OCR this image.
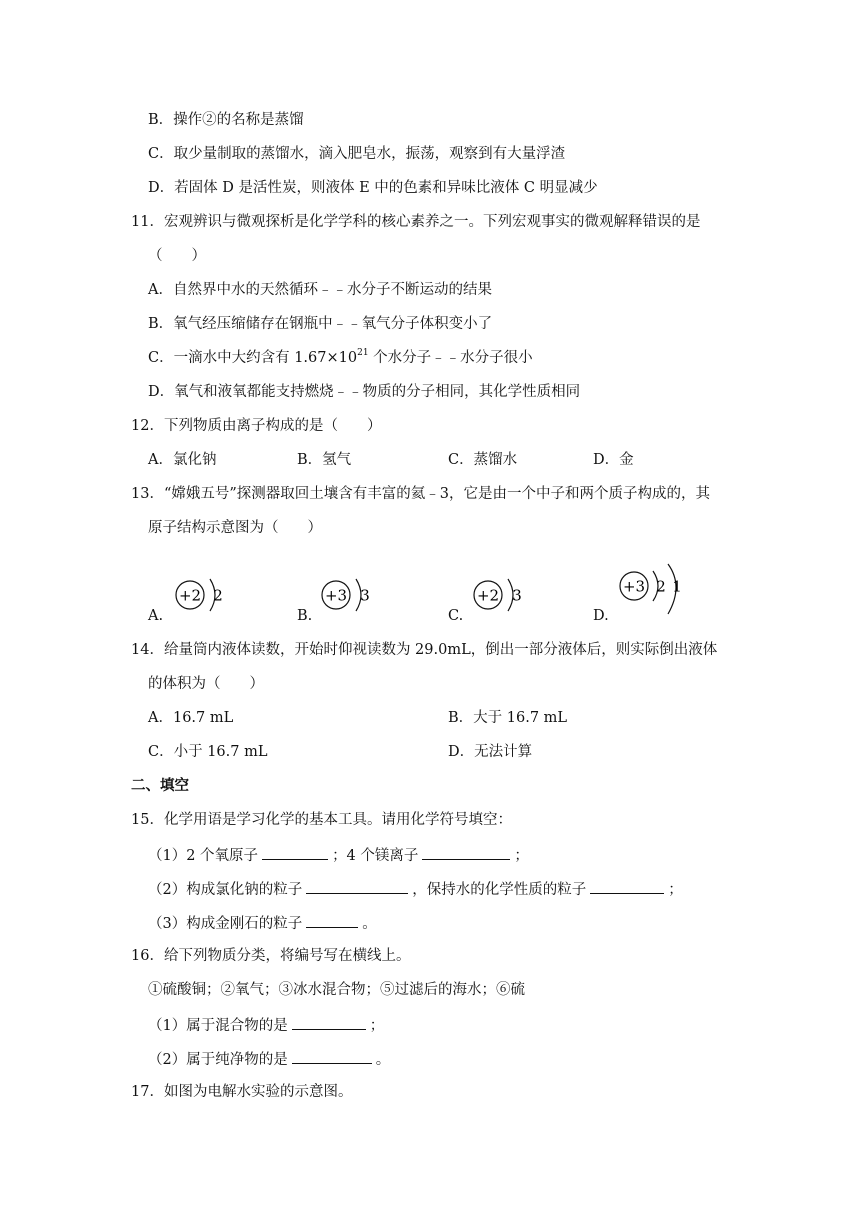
B．操作②的名称是蒸馏
C．取少量制取的蒸馏水，滴入肥皂水，振荡，观察到有大量浮渣
D．若固体 D 是活性炭，则液体 E 中的色素和异味比液体 C 明显减少
11．宏观辨识与微观探析是化学学科的核心素养之一。下列宏观事实的微观解释错误的是
（　　）
A．自然界中水的天然循环﹣﹣水分子不断运动的结果
B．氧气经压缩储存在钢瓶中﹣﹣氧气分子体积变小了
C．一滴水中大约含有 $1.67\times 10^{21}$ 个水分子﹣﹣水分子很小
D．氧气和液氧都能支持燃烧﹣﹣物质的分子相同，其化学性质相同
12．下列物质由离子构成的是（　　）
A．氯化钠	B．氢气	C．蒸馏水	D．金
13．“嫦娥五号”探测器取回土壤含有丰富的氦﹣3，它是由一个中子和两个质子构成的，其
原子结构示意图为（　　）
A.
+2 2
B.
+3 3
C.
+2 3
D.
+3 2 1
14．给量筒内液体读数，开始时仰视读数为 29.0mL，倒出一部分液体后，则实际倒出液体
的体积为（　　）
A．16.7 mL	B．大于 16.7 mL
C．小于 16.7 mL	D．无法计算
二、填空
15．化学用语是学习化学的基本工具。请用化学符号填空：
（1）2 个氧原子	；4 个镁离子	；
（2）构成氯化钠的粒子	，保持水的化学性质的粒子	；
（3）构成金刚石的粒子	。
16．给下列物质分类，将编号写在横线上。
①硫酸铜；②氧气；③冰水混合物；⑤过滤后的海水；⑥硫
（1）属于混合物的是	；
（2）属于纯净物的是	。
17．如图为电解水实验的示意图。
